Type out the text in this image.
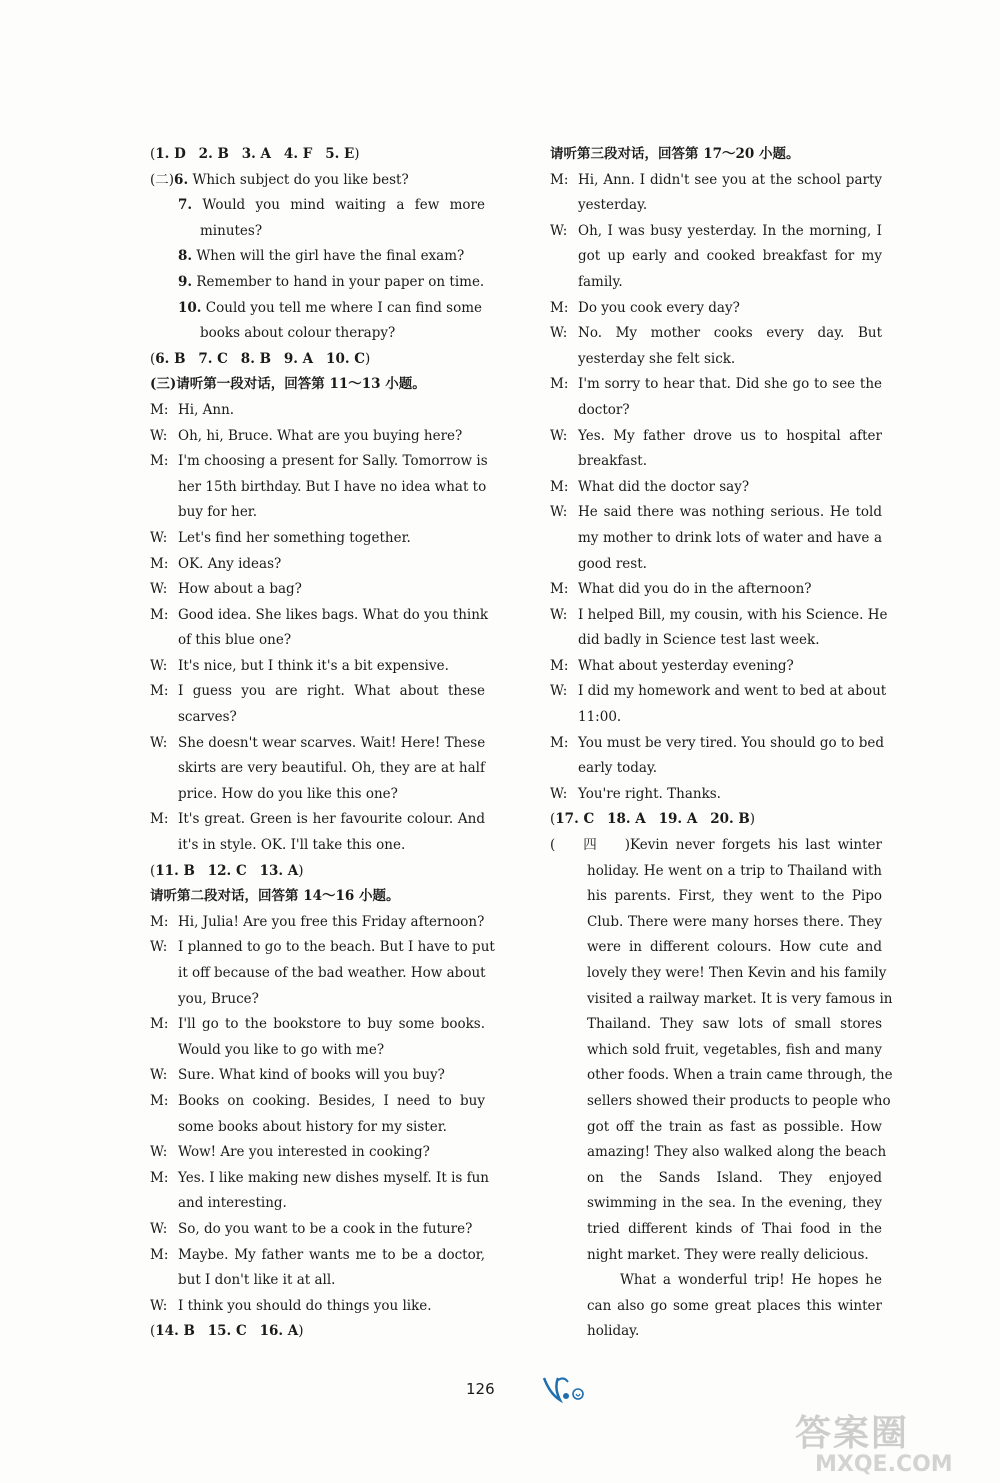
(1. D 2. B 3. A 4. F 5. E)
(二)6. Which subject do you like best?
7. Would you mind waiting a few more
minutes?
8. When will the girl have the final exam?
9. Remember to hand in your paper on time.
10. Could you tell me where I can find some
books about colour therapy?
(6. B 7. C 8. B 9. A 10. C)
(三)请听第一段对话，回答第 11～13 小题。
M: Hi, Ann.
W: Oh, hi, Bruce. What are you buying here?
M: I'm choosing a present for Sally. Tomorrow is
her 15th birthday. But I have no idea what to
buy for her.
W: Let's find her something together.
M: OK. Any ideas?
W: How about a bag?
M: Good idea. She likes bags. What do you think
of this blue one?
W: It's nice, but I think it's a bit expensive.
M: I guess you are right. What about these
scarves?
W: She doesn't wear scarves. Wait! Here! These
skirts are very beautiful. Oh, they are at half
price. How do you like this one?
M: It's great. Green is her favourite colour. And
it's in style. OK. I'll take this one.
(11. B 12. C 13. A)
请听第二段对话，回答第 14～16 小题。
M: Hi, Julia! Are you free this Friday afternoon?
W: I planned to go to the beach. But I have to put
it off because of the bad weather. How about
you, Bruce?
M: I'll go to the bookstore to buy some books.
Would you like to go with me?
W: Sure. What kind of books will you buy?
M: Books on cooking. Besides, I need to buy
some books about history for my sister.
W: Wow! Are you interested in cooking?
M: Yes. I like making new dishes myself. It is fun
and interesting.
W: So, do you want to be a cook in the future?
M: Maybe. My father wants me to be a doctor,
but I don't like it at all.
W: I think you should do things you like.
(14. B 15. C 16. A)
请听第三段对话，回答第 17～20 小题。
M: Hi, Ann. I didn't see you at the school party
yesterday.
W: Oh, I was busy yesterday. In the morning, I
got up early and cooked breakfast for my
family.
M: Do you cook every day?
W: No. My mother cooks every day. But
yesterday she felt sick.
M: I'm sorry to hear that. Did she go to see the
doctor?
W: Yes. My father drove us to hospital after
breakfast.
M: What did the doctor say?
W: He said there was nothing serious. He told
my mother to drink lots of water and have a
good rest.
M: What did you do in the afternoon?
W: I helped Bill, my cousin, with his Science. He
did badly in Science test last week.
M: What about yesterday evening?
W: I did my homework and went to bed at about
11:00.
M: You must be very tired. You should go to bed
early today.
W: You're right. Thanks.
(17. C 18. A 19. A 20. B)
(四) Kevin never forgets his last winter
holiday. He went on a trip to Thailand with
his parents. First, they went to the Pipo
Club. There were many horses there. They
were in different colours. How cute and
lovely they were! Then Kevin and his family
visited a railway market. It is very famous in
Thailand. They saw lots of small stores
which sold fruit, vegetables, fish and many
other foods. When a train came through, the
sellers showed their products to people who
got off the train as fast as possible. How
amazing! They also walked along the beach
on the Sands Island. They enjoyed
swimming in the sea. In the evening, they
tried different kinds of Thai food in the
night market. They were really delicious.
What a wonderful trip! He hopes he
can also go some great places this winter
holiday.
126
答案圈
MXQE.COM
